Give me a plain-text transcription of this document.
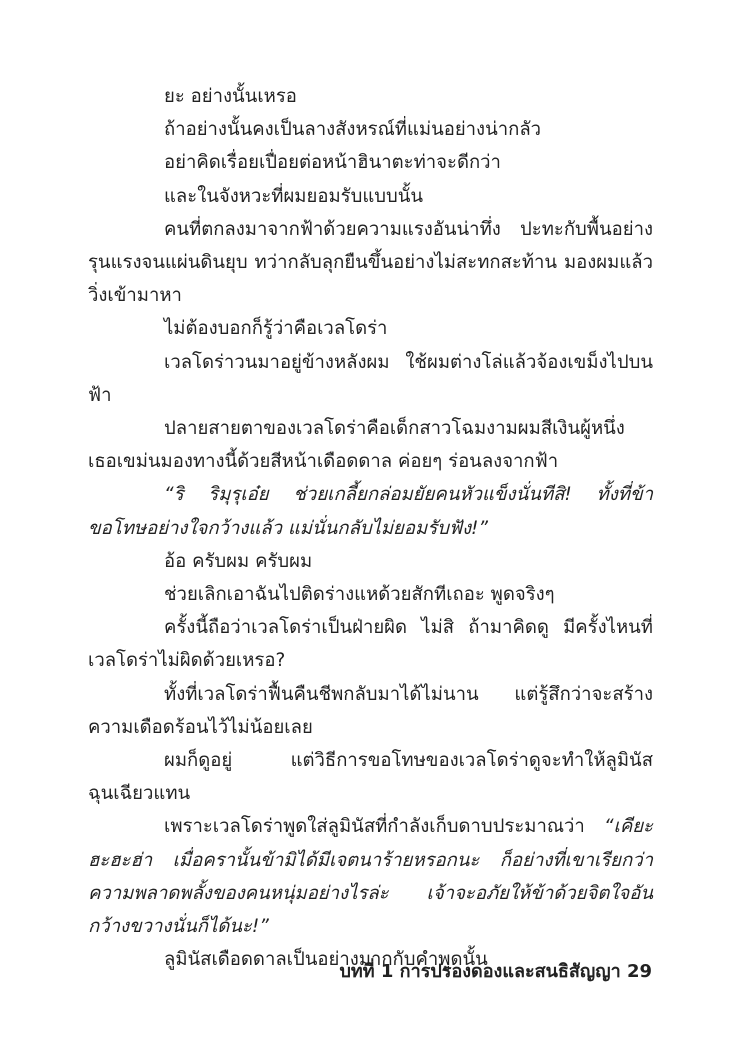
ยะ อย่างนั้นเหรอ

ถ้าอย่างนั้นคงเป็นลางสังหรณ์ที่แม่นอย่างน่ากลัว

อย่าคิดเรื่อยเปื่อยต่อหน้าฮินาตะท่าจะดีกว่า

และในจังหวะที่ผมยอมรับแบบนั้น

คนที่ตกลงมาจากฟ้าด้วยความแรงอันน่าทึ่ง ปะทะกับพื้นอย่างรุนแรงจนแผ่นดินยุบ ทว่ากลับลุกยืนขึ้นอย่างไม่สะทกสะท้าน มองผมแล้ววิ่งเข้ามาหา

ไม่ต้องบอกก็รู้ว่าคือเวลโดร่า

เวลโดร่าวนมาอยู่ข้างหลังผม ใช้ผมต่างโล่แล้วจ้องเขม็งไปบนฟ้า

ปลายสายตาของเวลโดร่าคือเด็กสาวโฉมงามผมสีเงินผู้หนึ่ง เธอเขม่นมองทางนี้ด้วยสีหน้าเดือดดาล ค่อยๆ ร่อนลงจากฟ้า

“ริ ริมุรุเอ๋ย ช่วยเกลี้ยกล่อมยัยคนหัวแข็งนั่นทีสิ! ทั้งที่ข้าขอโทษอย่างใจกว้างแล้ว แม่นั่นกลับไม่ยอมรับฟัง!”

อ้อ ครับผม ครับผม

ช่วยเลิกเอาฉันไปติดร่างแหด้วยสักทีเถอะ พูดจริงๆ

ครั้งนี้ถือว่าเวลโดร่าเป็นฝ่ายผิด ไม่สิ ถ้ามาคิดดู มีครั้งไหนที่เวลโดร่าไม่ผิดด้วยเหรอ?

ทั้งที่เวลโดร่าฟื้นคืนชีพกลับมาได้ไม่นาน แต่รู้สึกว่าจะสร้างความเดือดร้อนไว้ไม่น้อยเลย

ผมก็ดูอยู่ แต่วิธีการขอโทษของเวลโดร่าดูจะทำให้ลูมินัสฉุนเฉียวแทน

เพราะเวลโดร่าพูดใส่ลูมินัสที่กำลังเก็บดาบประมาณว่า “เคียะฮะฮะฮ่า เมื่อครานั้นข้ามิได้มีเจตนาร้ายหรอกนะ ก็อย่างที่เขาเรียกว่าความพลาดพลั้งของคนหนุ่มอย่างไรล่ะ เจ้าจะอภัยให้ข้าด้วยจิตใจอันกว้างขวางนั่นก็ได้นะ!”

ลูมินัสเดือดดาลเป็นอย่างมากกับคำพูดนั้น

บทที่ 1 การปรองดองและสนธิสัญญา 29
